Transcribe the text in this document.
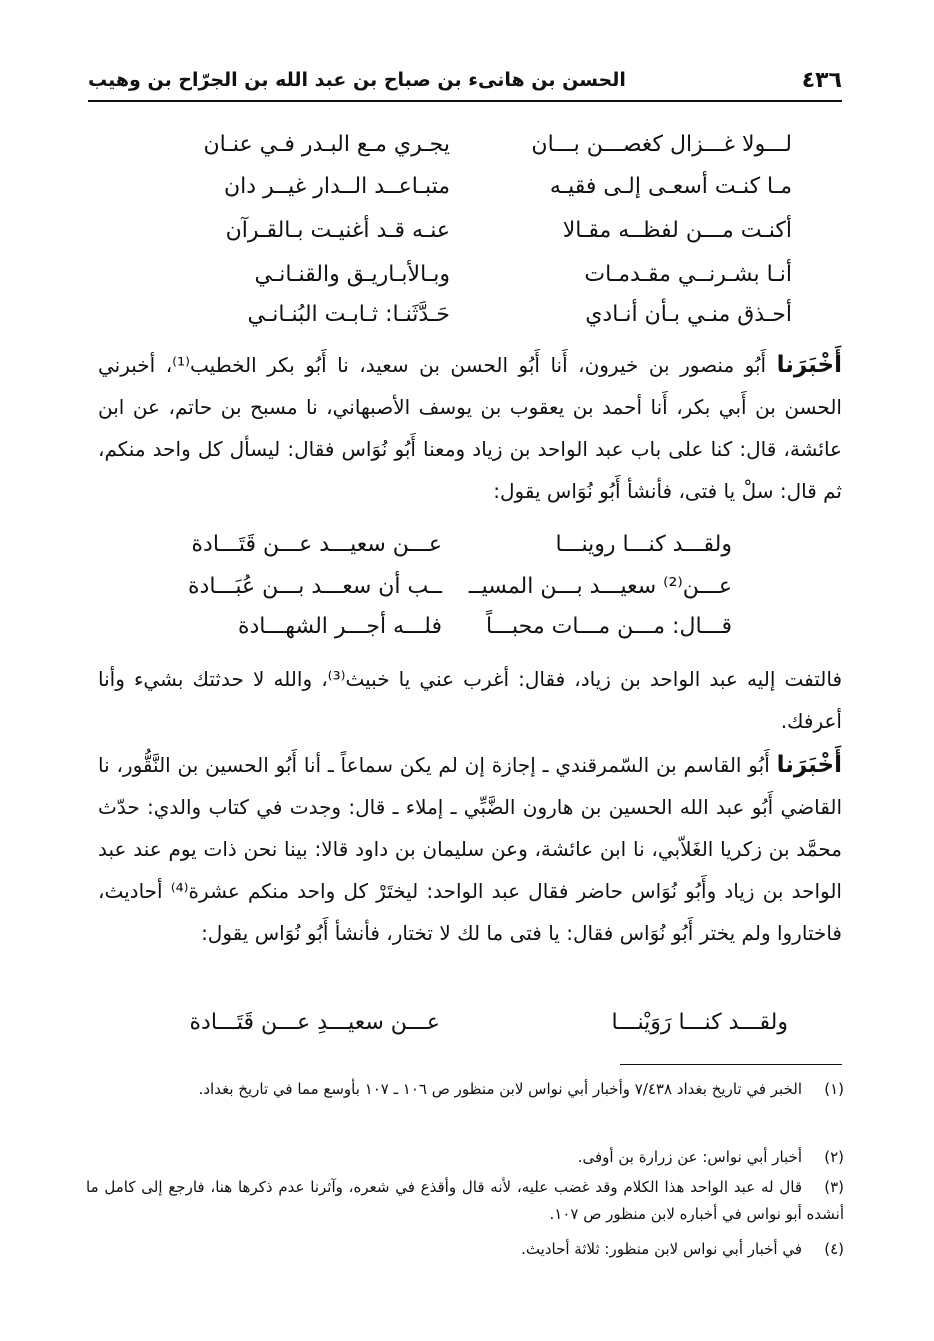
الحسن بن هانىء بن صباح بن عبد الله بن الجرّاح بن وهيب	٤٣٦
لـــولا غـــزال كغصـــن بـــان
يجـري مـع البـدر فـي عنـان
مـا كنـت أسعـى إلـى فقيـه
متبـاعــد الــدار غيــر دان
أكنـت مـــن لفظــه مقـالا
عنـه قـد أغنيـت بـالقـرآن
أنـا بشـرنــي مقـدمـات
وبـالأبـاريـق والقنـانـي
أحـذق منـي بـأن أنـادي
حَـدَّثَنـا: ثـابـت البُنـانـي
أَخْبَرَنا أَبُو منصور بن خيرون، أَنا أَبُو الحسن بن سعيد، نا أَبُو بكر الخطيب⁽¹⁾، أخبرني الحسن بن أَبي بكر، أَنا أحمد بن يعقوب بن يوسف الأصبهاني، نا مسبح بن حاتم، عن ابن عائشة، قال: كنا على باب عبد الواحد بن زياد ومعنا أَبُو نُوَاس فقال: ليسأل كل واحد منكم، ثم قال: سلْ يا فتى، فأنشأ أَبُو نُوَاس يقول:
ولقـــد كنـــا روينـــا
عـــن سعيـــد عـــن قَتَـــادة
عـــن⁽²⁾ سعيـــد بـــن المسيــ
ــب أن سعـــد بـــن عُبَـــادة
قـــال: مـــن مـــات محبـــاً
فلـــه أجـــر الشهـــادة
فالتفت إليه عبد الواحد بن زياد، فقال: أغرب عني يا خبيث⁽³⁾، والله لا حدثتك بشيء وأنا أعرفك.
أَخْبَرَنا أَبُو القاسم بن السّمرقندي ـ إجازة إن لم يكن سماعاً ـ أنا أَبُو الحسين بن النَّقُّور، نا القاضي أَبُو عبد الله الحسين بن هارون الضَّبِّي ـ إملاء ـ قال: وجدت في كتاب والدي: حدّث محمَّد بن زكريا الغَلاّبي، نا ابن عائشة، وعن سليمان بن داود قالا: بينا نحن ذات يوم عند عبد الواحد بن زياد وأَبُو نُوَاس حاضر فقال عبد الواحد: ليختَرْ كل واحد منكم عشرة⁽⁴⁾ أحاديث، فاختاروا ولم يختر أَبُو نُوَاس فقال: يا فتى ما لك لا تختار، فأنشأ أَبُو نُوَاس يقول:
ولقـــد كنـــا رَوَيْنـــا
عـــن سعيـــدِ عـــن قَتَـــادة
(١)الخبر في تاريخ بغداد ٧/٤٣٨ وأخبار أبي نواس لابن منظور ص ١٠٦ ـ ١٠٧ بأوسع مما في تاريخ بغداد.
(٢)أخبار أبي نواس: عن زرارة بن أوفى.
(٣)قال له عبد الواحد هذا الكلام وقد غضب عليه، لأنه قال وأقذع في شعره، وآثرنا عدم ذكرها هنا، فارجع إلى كامل ما أنشده أبو نواس في أخباره لابن منظور ص ١٠٧.
(٤)في أخبار أبي نواس لابن منظور: ثلاثة أحاديث.
